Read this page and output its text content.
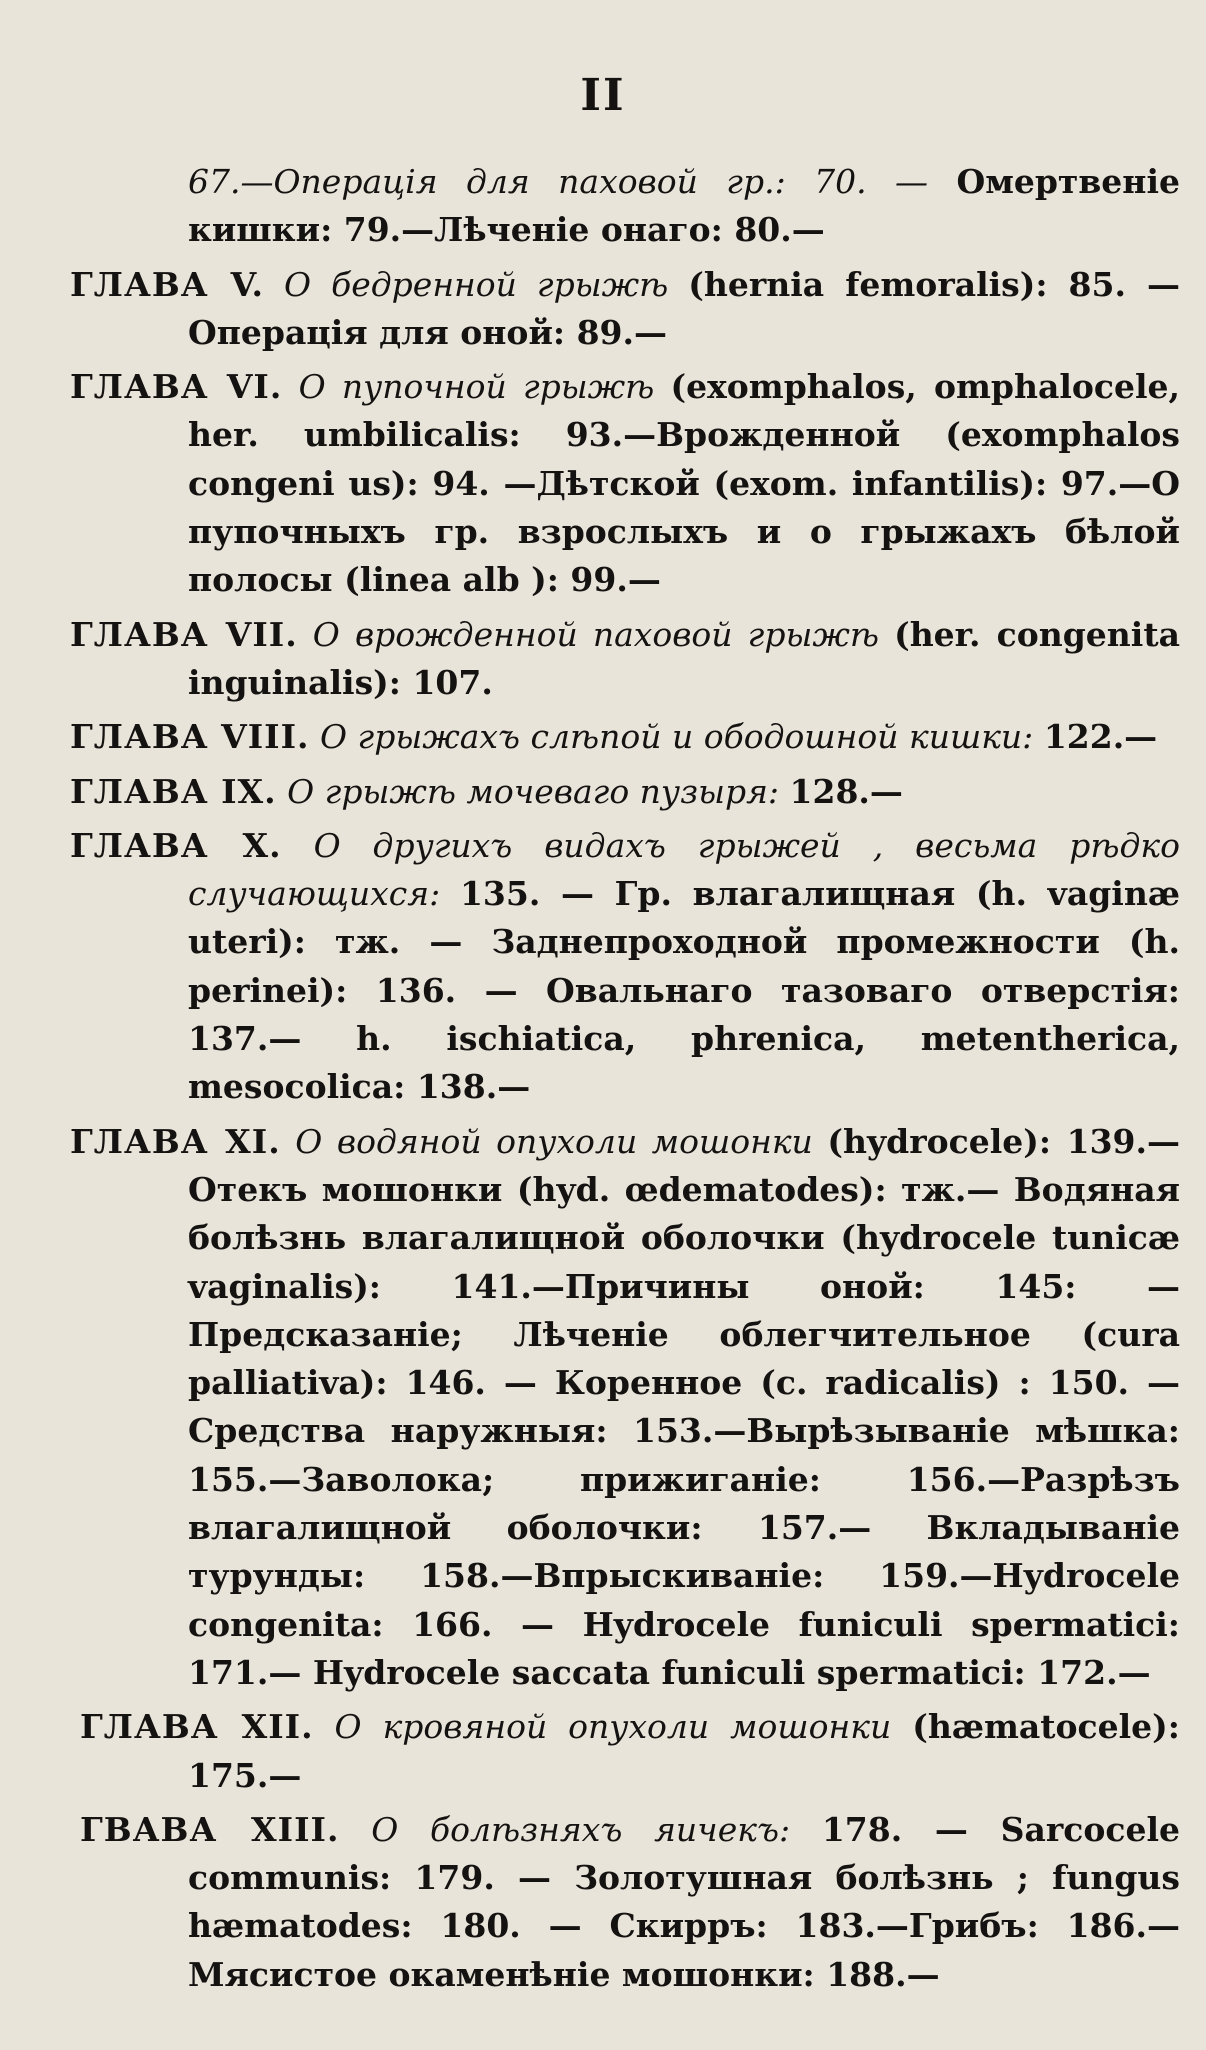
II

67.—Операція для паховой гр.: 70. — Омертвеніе кишки: 79.—Лѣченіе онаго: 80.—

ГЛАВА V. О бедренной грыжѣ (hernia femoralis): 85. —Операція для оной: 89.—

ГЛАВА VI. О пупочной грыжѣ (exomphalos, omphalocele, her. umbilicalis: 93.—Врожденной (exomphalos congeni us): 94. —Дѣтской (exom. infantilis): 97.—О пупочныхъ гр. взрослыхъ и о грыжахъ бѣлой полосы (linea alb ): 99.—

ГЛАВА VII. О врожденной паховой грыжѣ (her. congenita inguinalis): 107.

ГЛАВА VIII. О грыжахъ слѣпой и ободошной кишки: 122.—

ГЛАВА IX. О грыжѣ мочеваго пузыря: 128.—

ГЛАВА X. О другихъ видахъ грыжей , весьма рѣдко случающихся: 135. — Гр. влагалищная (h. vaginæ uteri): тж. — Заднепроходной промежности (h. perinei): 136. — Овальнаго тазоваго отверстія: 137.— h. ischiatica, phrenica, metentherica, mesocolica: 138.—

ГЛАВА XI. О водяной опухоли мошонки (hydrocele): 139.—Отекъ мошонки (hyd. œdematodes): тж.— Водяная болѣзнь влагалищной оболочки (hydrocele tunicæ vaginalis): 141.—Причины оной: 145: —Предсказаніе; Лѣченіе облегчительное (cura palliativa): 146. — Коренное (c. radicalis) : 150. — Средства наружныя: 153.—Вырѣзываніе мѣшка: 155.—Заволока; прижиганіе: 156.—Разрѣзъ влагалищной оболочки: 157.— Вкладываніе турунды: 158.—Впрыскиваніе: 159.—Hydrocele congenita: 166. — Hydrocele funiculi spermatici: 171.— Hydrocele saccata funiculi spermatici: 172.—

ГЛАВА XII. О кровяной опухоли мошонки (hæmatocele): 175.—

ГВАВА XIII. О болѣзняхъ яичекъ: 178. — Sarcocele communis: 179. — Золотушная болѣзнь ; fungus hæmatodes: 180. — Скирръ: 183.—Грибъ: 186.— Мясистое окаменѣніе мошонки: 188.—
